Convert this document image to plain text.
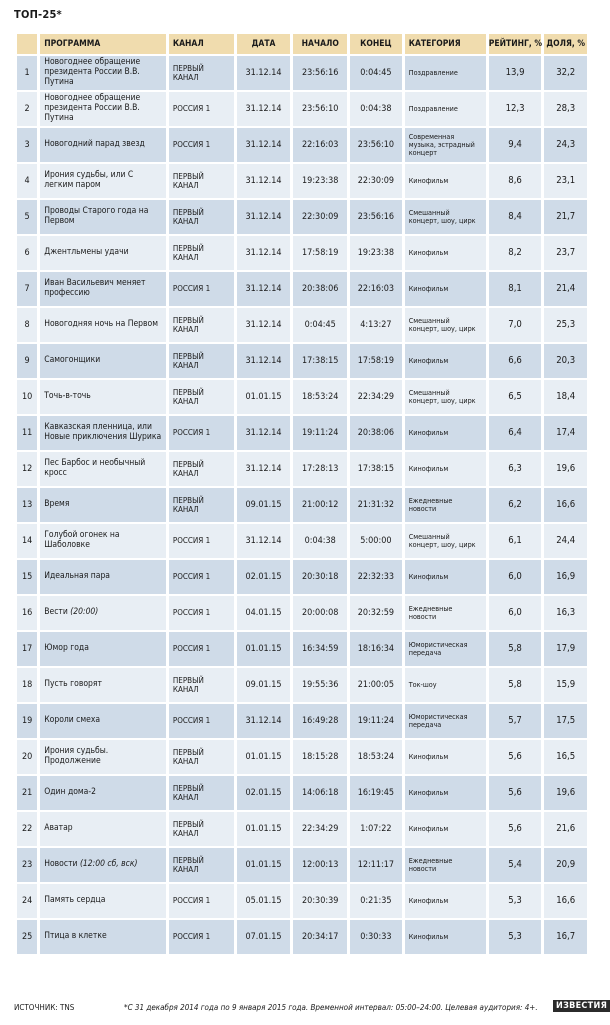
ТОП-25*
	ПРОГРАММА	КАНАЛ	ДАТА	НАЧАЛО	КОНЕЦ	КАТЕГОРИЯ	РЕЙТИНГ, %	ДОЛЯ, %
1	Новогоднее обращение президента России В.В. Путина	ПЕРВЫЙ КАНАЛ	31.12.14	23:56:16	0:04:45	Поздравление	13,9	32,2
2	Новогоднее обращение президента России В.В. Путина	РОССИЯ 1	31.12.14	23:56:10	0:04:38	Поздравление	12,3	28,3
3	Новогодний парад звезд	РОССИЯ 1	31.12.14	22:16:03	23:56:10	Современная музыка, эстрадный концерт	9,4	24,3
4	Ирония судьбы, или С легким паром	ПЕРВЫЙ КАНАЛ	31.12.14	19:23:38	22:30:09	Кинофильм	8,6	23,1
5	Проводы Старого года на Первом	ПЕРВЫЙ КАНАЛ	31.12.14	22:30:09	23:56:16	Смешанный концерт, шоу, цирк	8,4	21,7
6	Джентльмены удачи	ПЕРВЫЙ КАНАЛ	31.12.14	17:58:19	19:23:38	Кинофильм	8,2	23,7
7	Иван Васильевич меняет профессию	РОССИЯ 1	31.12.14	20:38:06	22:16:03	Кинофильм	8,1	21,4
8	Новогодняя ночь на Первом	ПЕРВЫЙ КАНАЛ	31.12.14	0:04:45	4:13:27	Смешанный концерт, шоу, цирк	7,0	25,3
9	Самогонщики	ПЕРВЫЙ КАНАЛ	31.12.14	17:38:15	17:58:19	Кинофильм	6,6	20,3
10	Точь-в-точь	ПЕРВЫЙ КАНАЛ	01.01.15	18:53:24	22:34:29	Смешанный концерт, шоу, цирк	6,5	18,4
11	Кавказская пленница, или Новые приключения Шурика	РОССИЯ 1	31.12.14	19:11:24	20:38:06	Кинофильм	6,4	17,4
12	Пес Барбос и необычный кросс	ПЕРВЫЙ КАНАЛ	31.12.14	17:28:13	17:38:15	Кинофильм	6,3	19,6
13	Время	ПЕРВЫЙ КАНАЛ	09.01.15	21:00:12	21:31:32	Ежедневные новости	6,2	16,6
14	Голубой огонек на Шаболовке	РОССИЯ 1	31.12.14	0:04:38	5:00:00	Смешанный концерт, шоу, цирк	6,1	24,4
15	Идеальная пара	РОССИЯ 1	02.01.15	20:30:18	22:32:33	Кинофильм	6,0	16,9
16	Вести (20:00)	РОССИЯ 1	04.01.15	20:00:08	20:32:59	Ежедневные новости	6,0	16,3
17	Юмор года	РОССИЯ 1	01.01.15	16:34:59	18:16:34	Юмористическая передача	5,8	17,9
18	Пусть говорят	ПЕРВЫЙ КАНАЛ	09.01.15	19:55:36	21:00:05	Ток-шоу	5,8	15,9
19	Короли смеха	РОССИЯ 1	31.12.14	16:49:28	19:11:24	Юмористическая передача	5,7	17,5
20	Ирония судьбы. Продолжение	ПЕРВЫЙ КАНАЛ	01.01.15	18:15:28	18:53:24	Кинофильм	5,6	16,5
21	Один дома-2	ПЕРВЫЙ КАНАЛ	02.01.15	14:06:18	16:19:45	Кинофильм	5,6	19,6
22	Аватар	ПЕРВЫЙ КАНАЛ	01.01.15	22:34:29	1:07:22	Кинофильм	5,6	21,6
23	Новости (12:00 сб, вск)	ПЕРВЫЙ КАНАЛ	01.01.15	12:00:13	12:11:17	Ежедневные новости	5,4	20,9
24	Память сердца	РОССИЯ 1	05.01.15	20:30:39	0:21:35	Кинофильм	5,3	16,6
25	Птица в клетке	РОССИЯ 1	07.01.15	20:34:17	0:30:33	Кинофильм	5,3	16,7
ИСТОЧНИК: TNS	*С 31 декабря 2014 года по 9 января 2015 года. Временной интервал: 05:00–24:00. Целевая аудитория: 4+.	ИЗВЕСТИЯ
